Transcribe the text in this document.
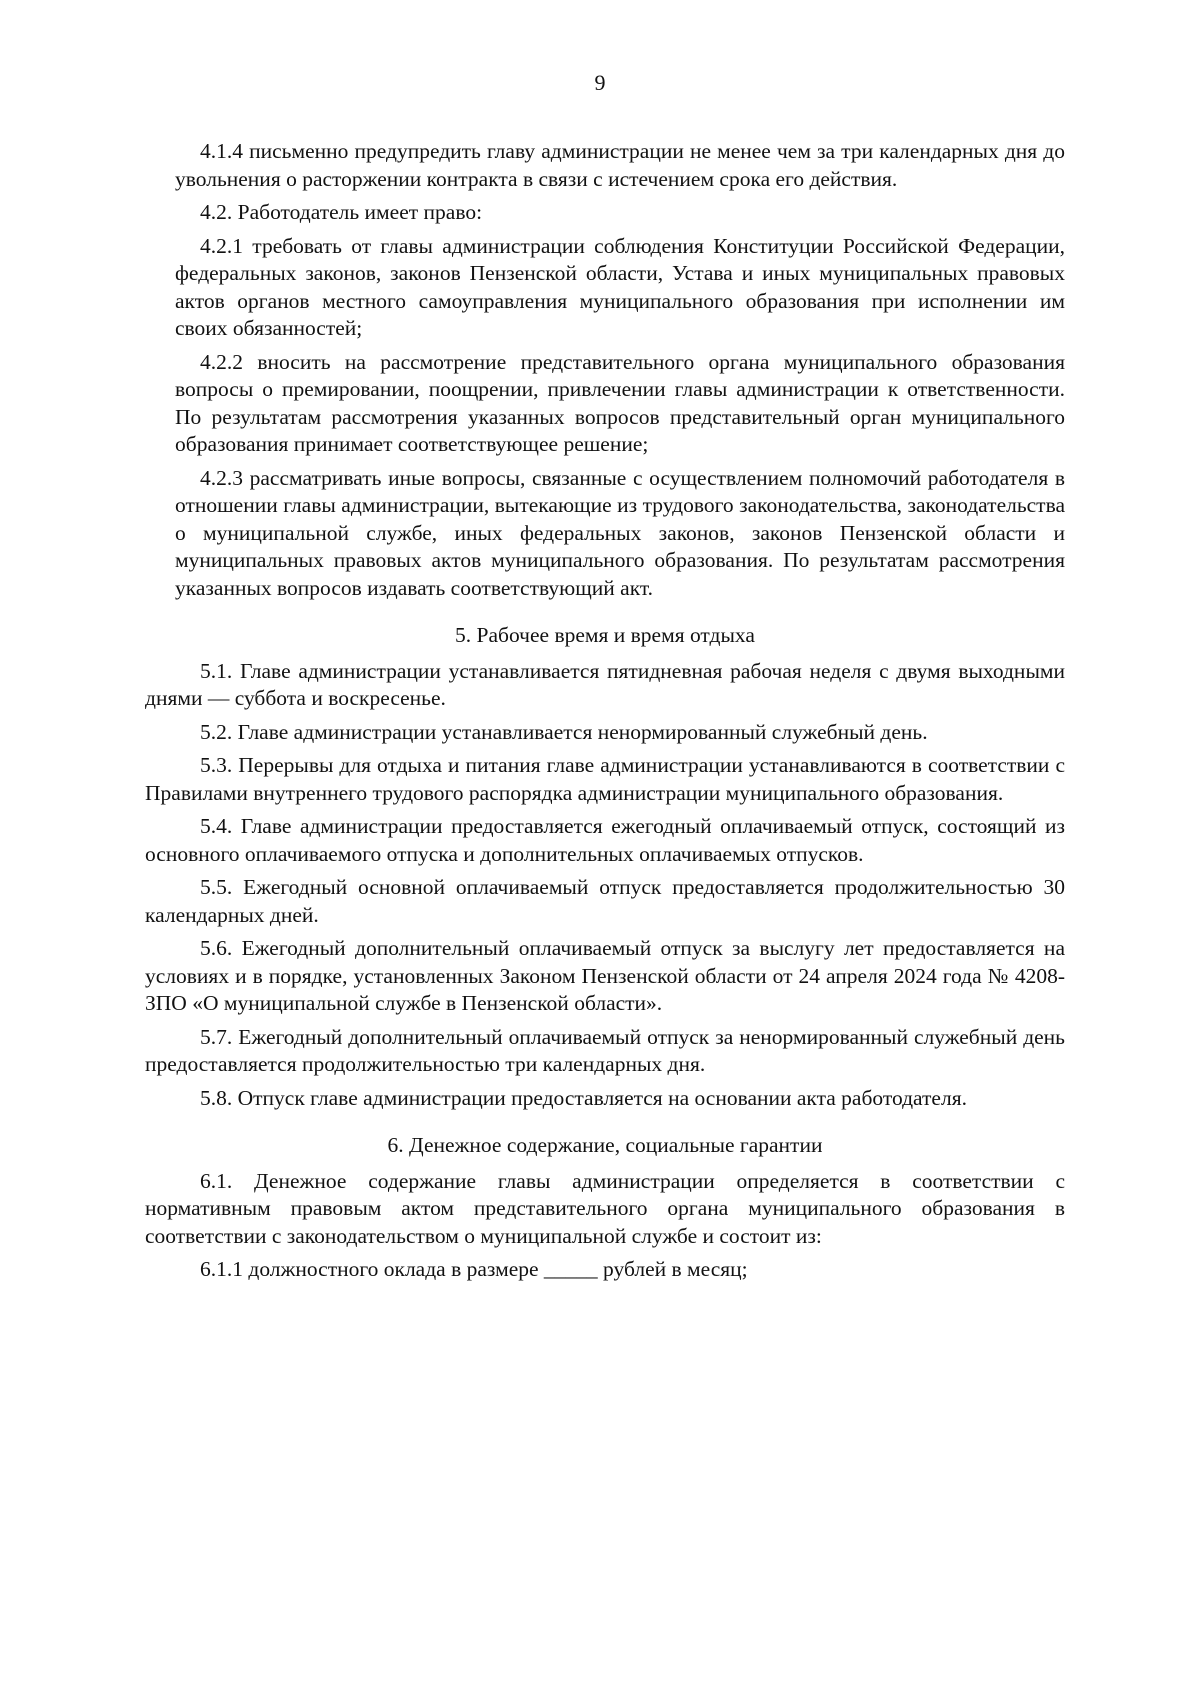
9

4.1.4 письменно предупредить главу администрации не менее чем за три календарных дня до увольнения о расторжении контракта в связи с истечением срока его действия.

4.2. Работодатель имеет право:

4.2.1 требовать от главы администрации соблюдения Конституции Российской Федерации, федеральных законов, законов Пензенской области, Устава и иных муниципальных правовых актов органов местного самоуправления муниципального образования при исполнении им своих обязанностей;

4.2.2 вносить на рассмотрение представительного органа муниципального образования вопросы о премировании, поощрении, привлечении главы администрации к ответственности. По результатам рассмотрения указанных вопросов представительный орган муниципального образования принимает соответствующее решение;

4.2.3 рассматривать иные вопросы, связанные с осуществлением полномочий работодателя в отношении главы администрации, вытекающие из трудового законодательства, законодательства о муниципальной службе, иных федеральных законов, законов Пензенской области и муниципальных правовых актов муниципального образования. По результатам рассмотрения указанных вопросов издавать соответствующий акт.

5. Рабочее время и время отдыха

5.1. Главе администрации устанавливается пятидневная рабочая неделя с двумя выходными днями — суббота и воскресенье.

5.2. Главе администрации устанавливается ненормированный служебный день.

5.3. Перерывы для отдыха и питания главе администрации устанавливаются в соответствии с Правилами внутреннего трудового распорядка администрации муниципального образования.

5.4. Главе администрации предоставляется ежегодный оплачиваемый отпуск, состоящий из основного оплачиваемого отпуска и дополнительных оплачиваемых отпусков.

5.5. Ежегодный основной оплачиваемый отпуск предоставляется продолжительностью 30 календарных дней.

5.6. Ежегодный дополнительный оплачиваемый отпуск за выслугу лет предоставляется на условиях и в порядке, установленных Законом Пензенской области от 24 апреля 2024 года № 4208-ЗПО «О муниципальной службе в Пензенской области».

5.7. Ежегодный дополнительный оплачиваемый отпуск за ненормированный служебный день предоставляется продолжительностью три календарных дня.

5.8. Отпуск главе администрации предоставляется на основании акта работодателя.

6. Денежное содержание, социальные гарантии

6.1. Денежное содержание главы администрации определяется в соответствии с нормативным правовым актом представительного органа муниципального образования в соответствии с законодательством о муниципальной службе и состоит из:

6.1.1 должностного оклада в размере _____ рублей в месяц;
